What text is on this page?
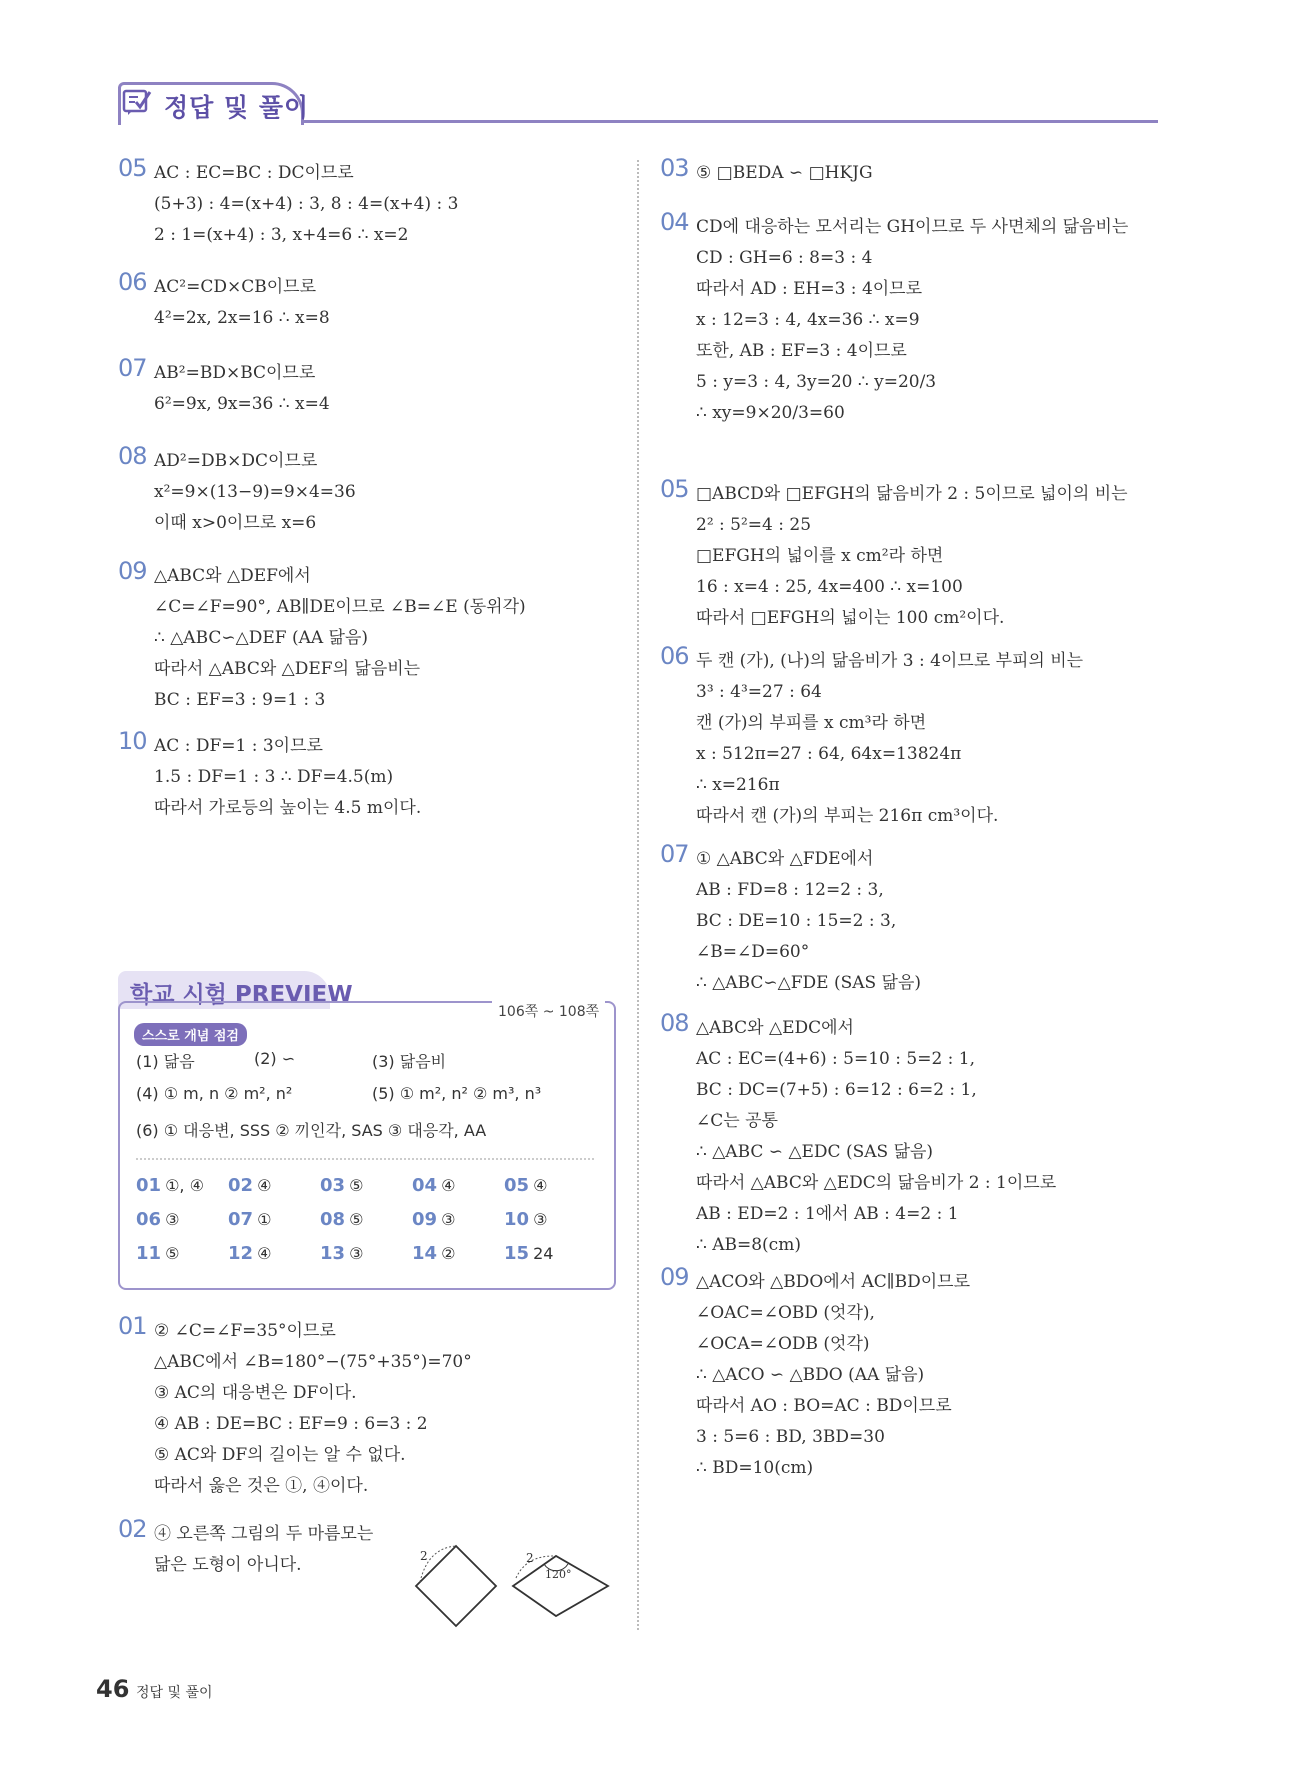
정답 및 풀이
05 AC : EC=BC : DC이므로
(5+3) : 4=(x+4) : 3, 8 : 4=(x+4) : 3
2 : 1=(x+4) : 3, x+4=6 ∴ x=2
06 AC²=CD×CB이므로
4²=2x, 2x=16 ∴ x=8
07 AB²=BD×BC이므로
6²=9x, 9x=36 ∴ x=4
08 AD²=DB×DC이므로
x²=9×(13−9)=9×4=36
이때 x>0이므로 x=6
09 △ABC와 △DEF에서
∠C=∠F=90°, AB∥DE이므로 ∠B=∠E (동위각)
∴ △ABC∽△DEF (AA 닮음)
따라서 △ABC와 △DEF의 닮음비는
BC : EF=3 : 9=1 : 3
10 AC : DF=1 : 3이므로
1.5 : DF=1 : 3 ∴ DF=4.5(m)
따라서 가로등의 높이는 4.5 m이다.
학교 시험 PREVIEW
106쪽 ~ 108쪽
스스로 개념 점검
(1) 닮음	(2) ∽	(3) 닮음비
(4) ① m, n ② m², n²	(5) ① m², n² ② m³, n³
(6) ① 대응변, SSS ② 끼인각, SAS ③ 대응각, AA
01 ①, ④ 02 ④	03 ⑤	04 ④	05 ④
06 ③	07 ①	08 ⑤	09 ③	10 ③
11 ⑤	12 ④	13 ③	14 ②	15 24
01 ② ∠C=∠F=35°이므로
△ABC에서 ∠B=180°−(75°+35°)=70°
③ AC의 대응변은 DF이다.
④ AB : DE=BC : EF=9 : 6=3 : 2
⑤ AC와 DF의 길이는 알 수 없다.
따라서 옳은 것은 ①, ④이다.
02 ④ 오른쪽 그림의 두 마름모는
닮은 도형이 아니다.	2	2
120°
03 ⑤ □BEDA ∽ □HKJG
04 CD에 대응하는 모서리는 GH이므로 두 사면체의 닮음비는
CD : GH=6 : 8=3 : 4
따라서 AD : EH=3 : 4이므로
x : 12=3 : 4, 4x=36 ∴ x=9
또한, AB : EF=3 : 4이므로
5 : y=3 : 4, 3y=20 ∴ y=20/3
∴ xy=9×20/3=60
05 □ABCD와 □EFGH의 닮음비가 2 : 5이므로 넓이의 비는
2² : 5²=4 : 25
□EFGH의 넓이를 x cm²라 하면
16 : x=4 : 25, 4x=400 ∴ x=100
따라서 □EFGH의 넓이는 100 cm²이다.
06 두 캔 (가), (나)의 닮음비가 3 : 4이므로 부피의 비는
3³ : 4³=27 : 64
캔 (가)의 부피를 x cm³라 하면
x : 512π=27 : 64, 64x=13824π
∴ x=216π
따라서 캔 (가)의 부피는 216π cm³이다.
07 ① △ABC와 △FDE에서
AB : FD=8 : 12=2 : 3,
BC : DE=10 : 15=2 : 3,
∠B=∠D=60°
∴ △ABC∽△FDE (SAS 닮음)
08 △ABC와 △EDC에서
AC : EC=(4+6) : 5=10 : 5=2 : 1,
BC : DC=(7+5) : 6=12 : 6=2 : 1,
∠C는 공통
∴ △ABC ∽ △EDC (SAS 닮음)
따라서 △ABC와 △EDC의 닮음비가 2 : 1이므로
AB : ED=2 : 1에서 AB : 4=2 : 1
∴ AB=8(cm)
09 △ACO와 △BDO에서 AC∥BD이므로
∠OAC=∠OBD (엇각),
∠OCA=∠ODB (엇각)
∴ △ACO ∽ △BDO (AA 닮음)
따라서 AO : BO=AC : BD이므로
3 : 5=6 : BD, 3BD=30
∴ BD=10(cm)
46 정답 및 풀이
